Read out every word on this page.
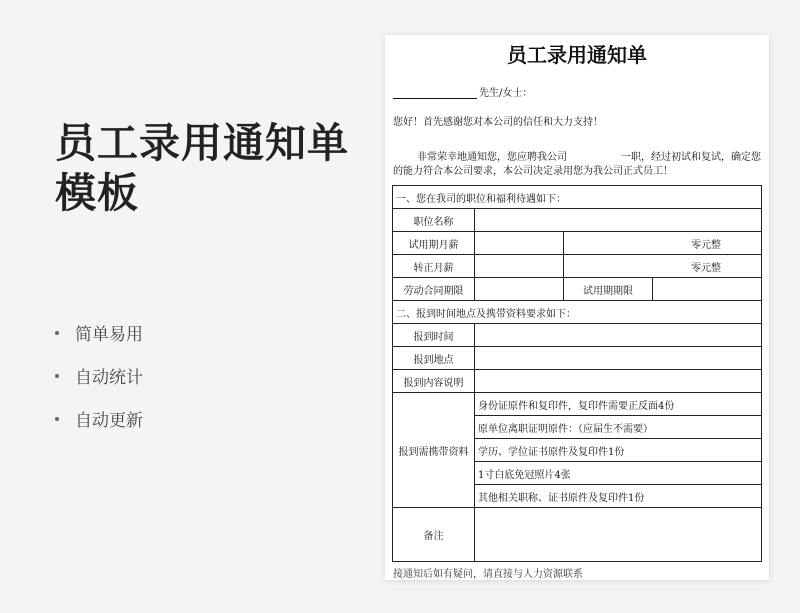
员工录用通知单
模板
简单易用
自动统计
自动更新
员工录用通知单
先生/女士：
您好！首先感谢您对本公司的信任和大力支持！
非常荣幸地通知您，您应聘我公司	一职，经过初试和复试，确定您的能力符合本公司要求，本公司决定录用您为我公司正式员工！
一、您在我司的职位和福利待遇如下：			
职位名称			
试用期月薪		零元整	
转正月薪		零元整	
劳动合同期限		试用期期限	
二、报到时间地点及携带资料要求如下：			
报到时间			
报到地点			
报到内容说明			
报到需携带资料	身份证原件和复印件，复印件需要正反面4份		
	原单位离职证明原件：（应届生不需要）		
	学历、学位证书原件及复印件1份		
	1寸白底免冠照片4张		
	其他相关职称、证书原件及复印件1份		
备注			
接通知后如有疑问，请直接与人力资源联系
